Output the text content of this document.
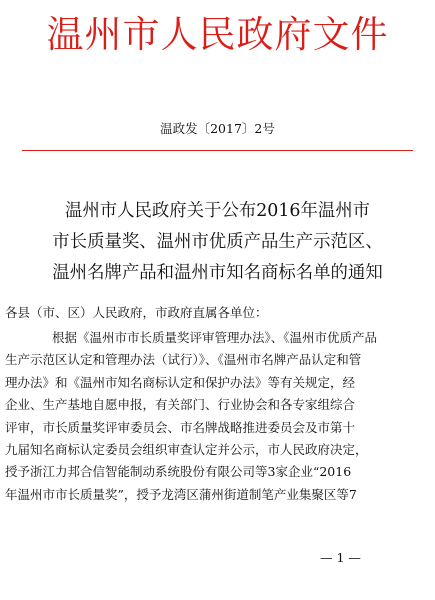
温州市人民政府文件
温政发〔2017〕2号
温州市人民政府关于公布2016年温州市
市长质量奖、温州市优质产品生产示范区、
温州名牌产品和温州市知名商标名单的通知
各县（市、区）人民政府，市政府直属各单位：
根据《温州市市长质量奖评审管理办法》、《温州市优质产品
生产示范区认定和管理办法（试行）》、《温州市名牌产品认定和管
理办法》和《温州市知名商标认定和保护办法》等有关规定，经
企业、生产基地自愿申报，有关部门、行业协会和各专家组综合
评审，市长质量奖评审委员会、市名牌战略推进委员会及市第十
九届知名商标认定委员会组织审查认定并公示，市人民政府决定，
授予浙江力邦合信智能制动系统股份有限公司等3家企业“2016
年温州市市长质量奖”，授予龙湾区蒲州街道制笔产业集聚区等7
— 1 —
